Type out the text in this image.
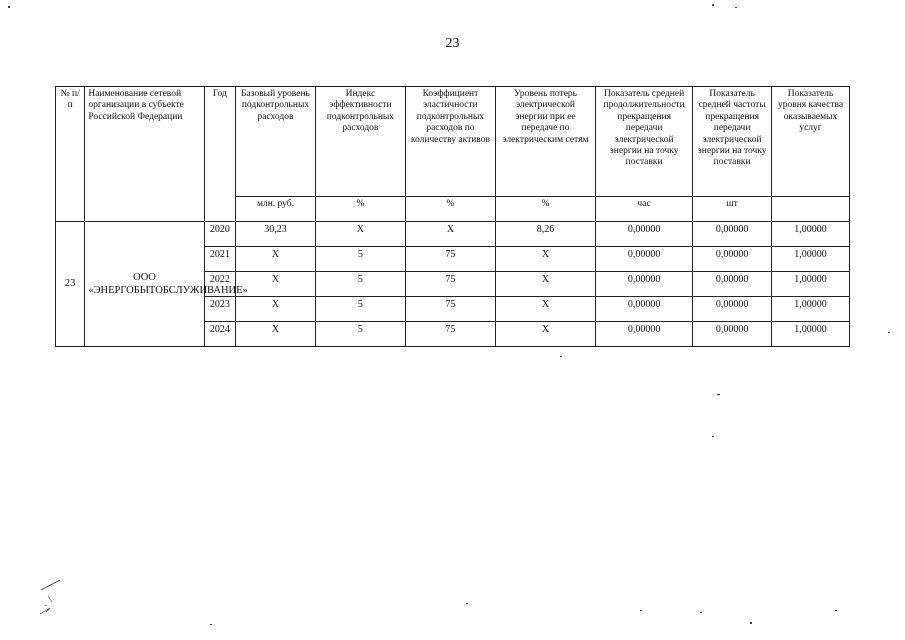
23
№ п/п	Наименование сетевой организации в субъекте Российской Федерации	Год	Базовый уровень подконтрольных расходов	Индекс эффективности подконтрольных расходов	Коэффициент эластичности подконтрольных расходов по количеству активов	Уровень потерь электрической энергии при ее передаче по электрическим сетям	Показатель средней продолжительности прекращения передачи электрической энергии на точку поставки	Показатель средней частоты прекращения передачи электрической энергии на точку поставки	Показатель уровня качества оказываемых услуг
			млн. руб.	%	%	%	час	шт	
23	ООО «ЭНЕРГОБЫТОБСЛУЖИВАНИЕ»	2020	30,23	X	X	8,26	0,00000	0,00000	1,00000
		2021	X	5	75	X	0,00000	0,00000	1,00000
		2022	X	5	75	X	0,00000	0,00000	1,00000
		2023	X	5	75	X	0,00000	0,00000	1,00000
		2024	X	5	75	X	0,00000	0,00000	1,00000
